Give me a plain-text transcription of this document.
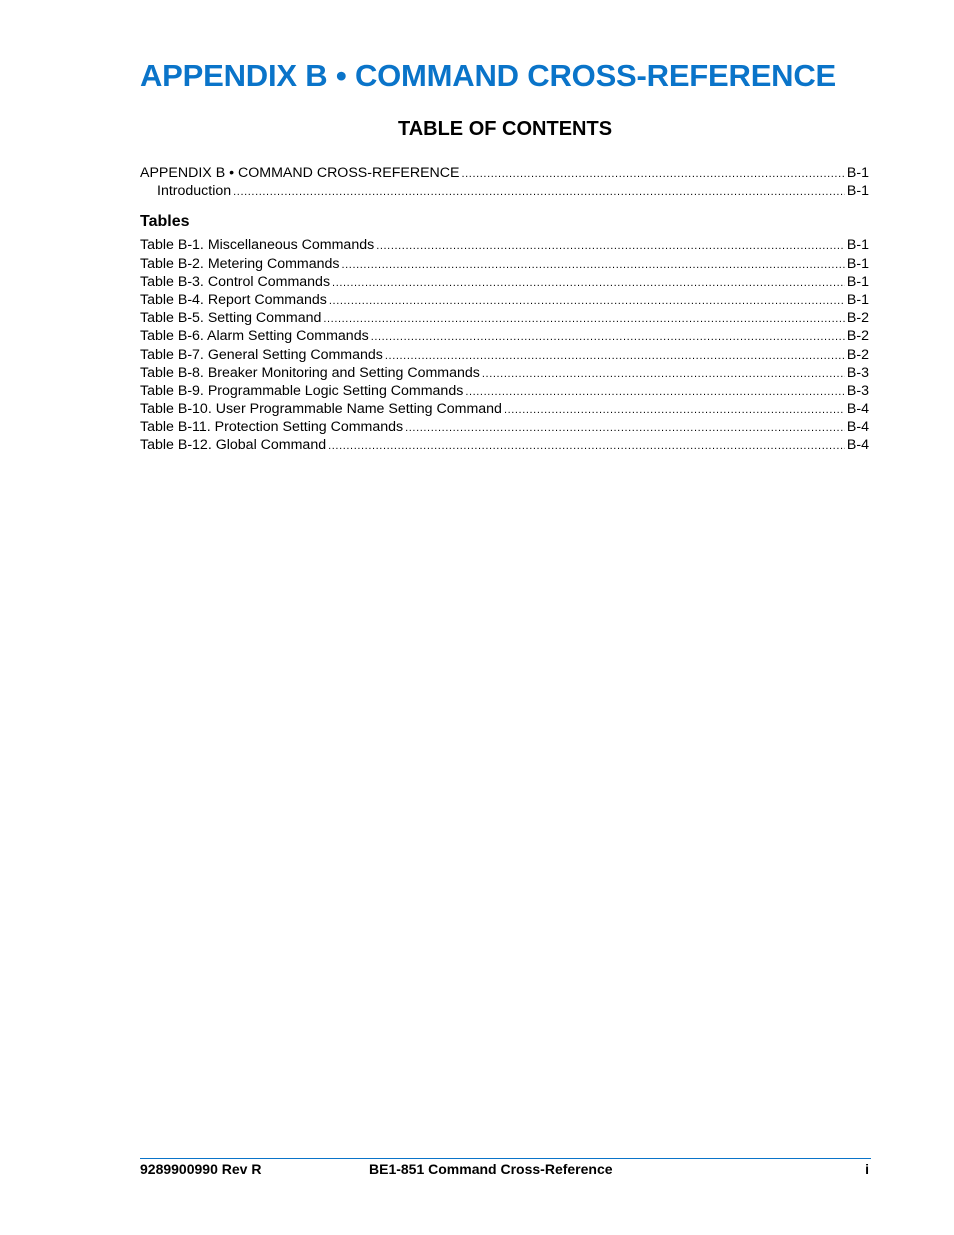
APPENDIX B • COMMAND CROSS-REFERENCE
TABLE OF CONTENTS
APPENDIX B • COMMAND CROSS-REFERENCE .....	B-1
Introduction .....	B-1
Tables
Table B-1. Miscellaneous Commands .....	B-1
Table B-2. Metering Commands .....	B-1
Table B-3. Control Commands .....	B-1
Table B-4. Report Commands .....	B-1
Table B-5. Setting Command .....	B-2
Table B-6. Alarm Setting Commands .....	B-2
Table B-7. General Setting Commands .....	B-2
Table B-8. Breaker Monitoring and Setting Commands .....	B-3
Table B-9. Programmable Logic Setting Commands .....	B-3
Table B-10. User Programmable Name Setting Command .....	B-4
Table B-11. Protection Setting Commands .....	B-4
Table B-12. Global Command .....	B-4
9289900990 Rev R	BE1-851 Command Cross-Reference	i
